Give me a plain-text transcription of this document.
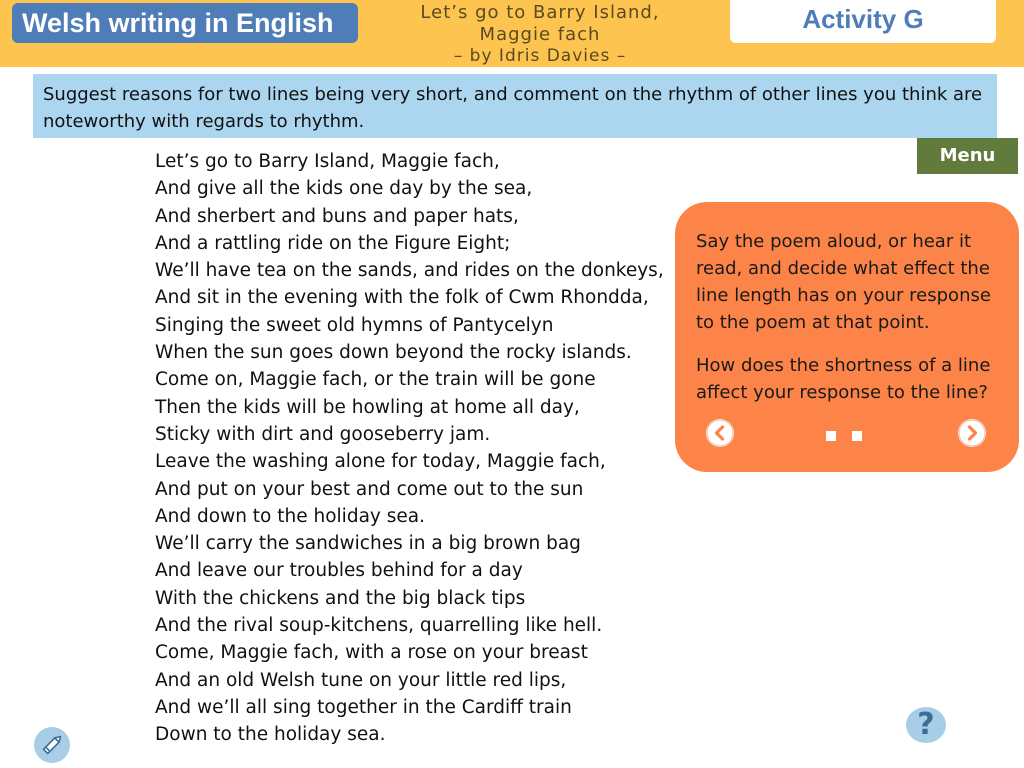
Welsh writing in English	Let’s go to Barry Island,
Maggie fach
– by Idris Davies –
Activity G
Suggest reasons for two lines being very short, and comment on the rhythm of other lines you think are noteworthy with regards to rhythm.
Menu
Let’s go to Barry Island, Maggie fach,
And give all the kids one day by the sea,
And sherbert and buns and paper hats,
And a rattling ride on the Figure Eight;
We’ll have tea on the sands, and rides on the donkeys,
And sit in the evening with the folk of Cwm Rhondda,
Singing the sweet old hymns of Pantycelyn
When the sun goes down beyond the rocky islands.
Come on, Maggie fach, or the train will be gone
Then the kids will be howling at home all day,
Sticky with dirt and gooseberry jam.
Leave the washing alone for today, Maggie fach,
And put on your best and come out to the sun
And down to the holiday sea.
We’ll carry the sandwiches in a big brown bag
And leave our troubles behind for a day
With the chickens and the big black tips
And the rival soup-kitchens, quarrelling like hell.
Come, Maggie fach, with a rose on your breast
And an old Welsh tune on your little red lips,
And we’ll all sing together in the Cardiff train
Down to the holiday sea.

Say the poem aloud, or hear it read, and decide what effect the line length has on your response to the poem at that point.

How does the shortness of a line affect your response to the line?

?
